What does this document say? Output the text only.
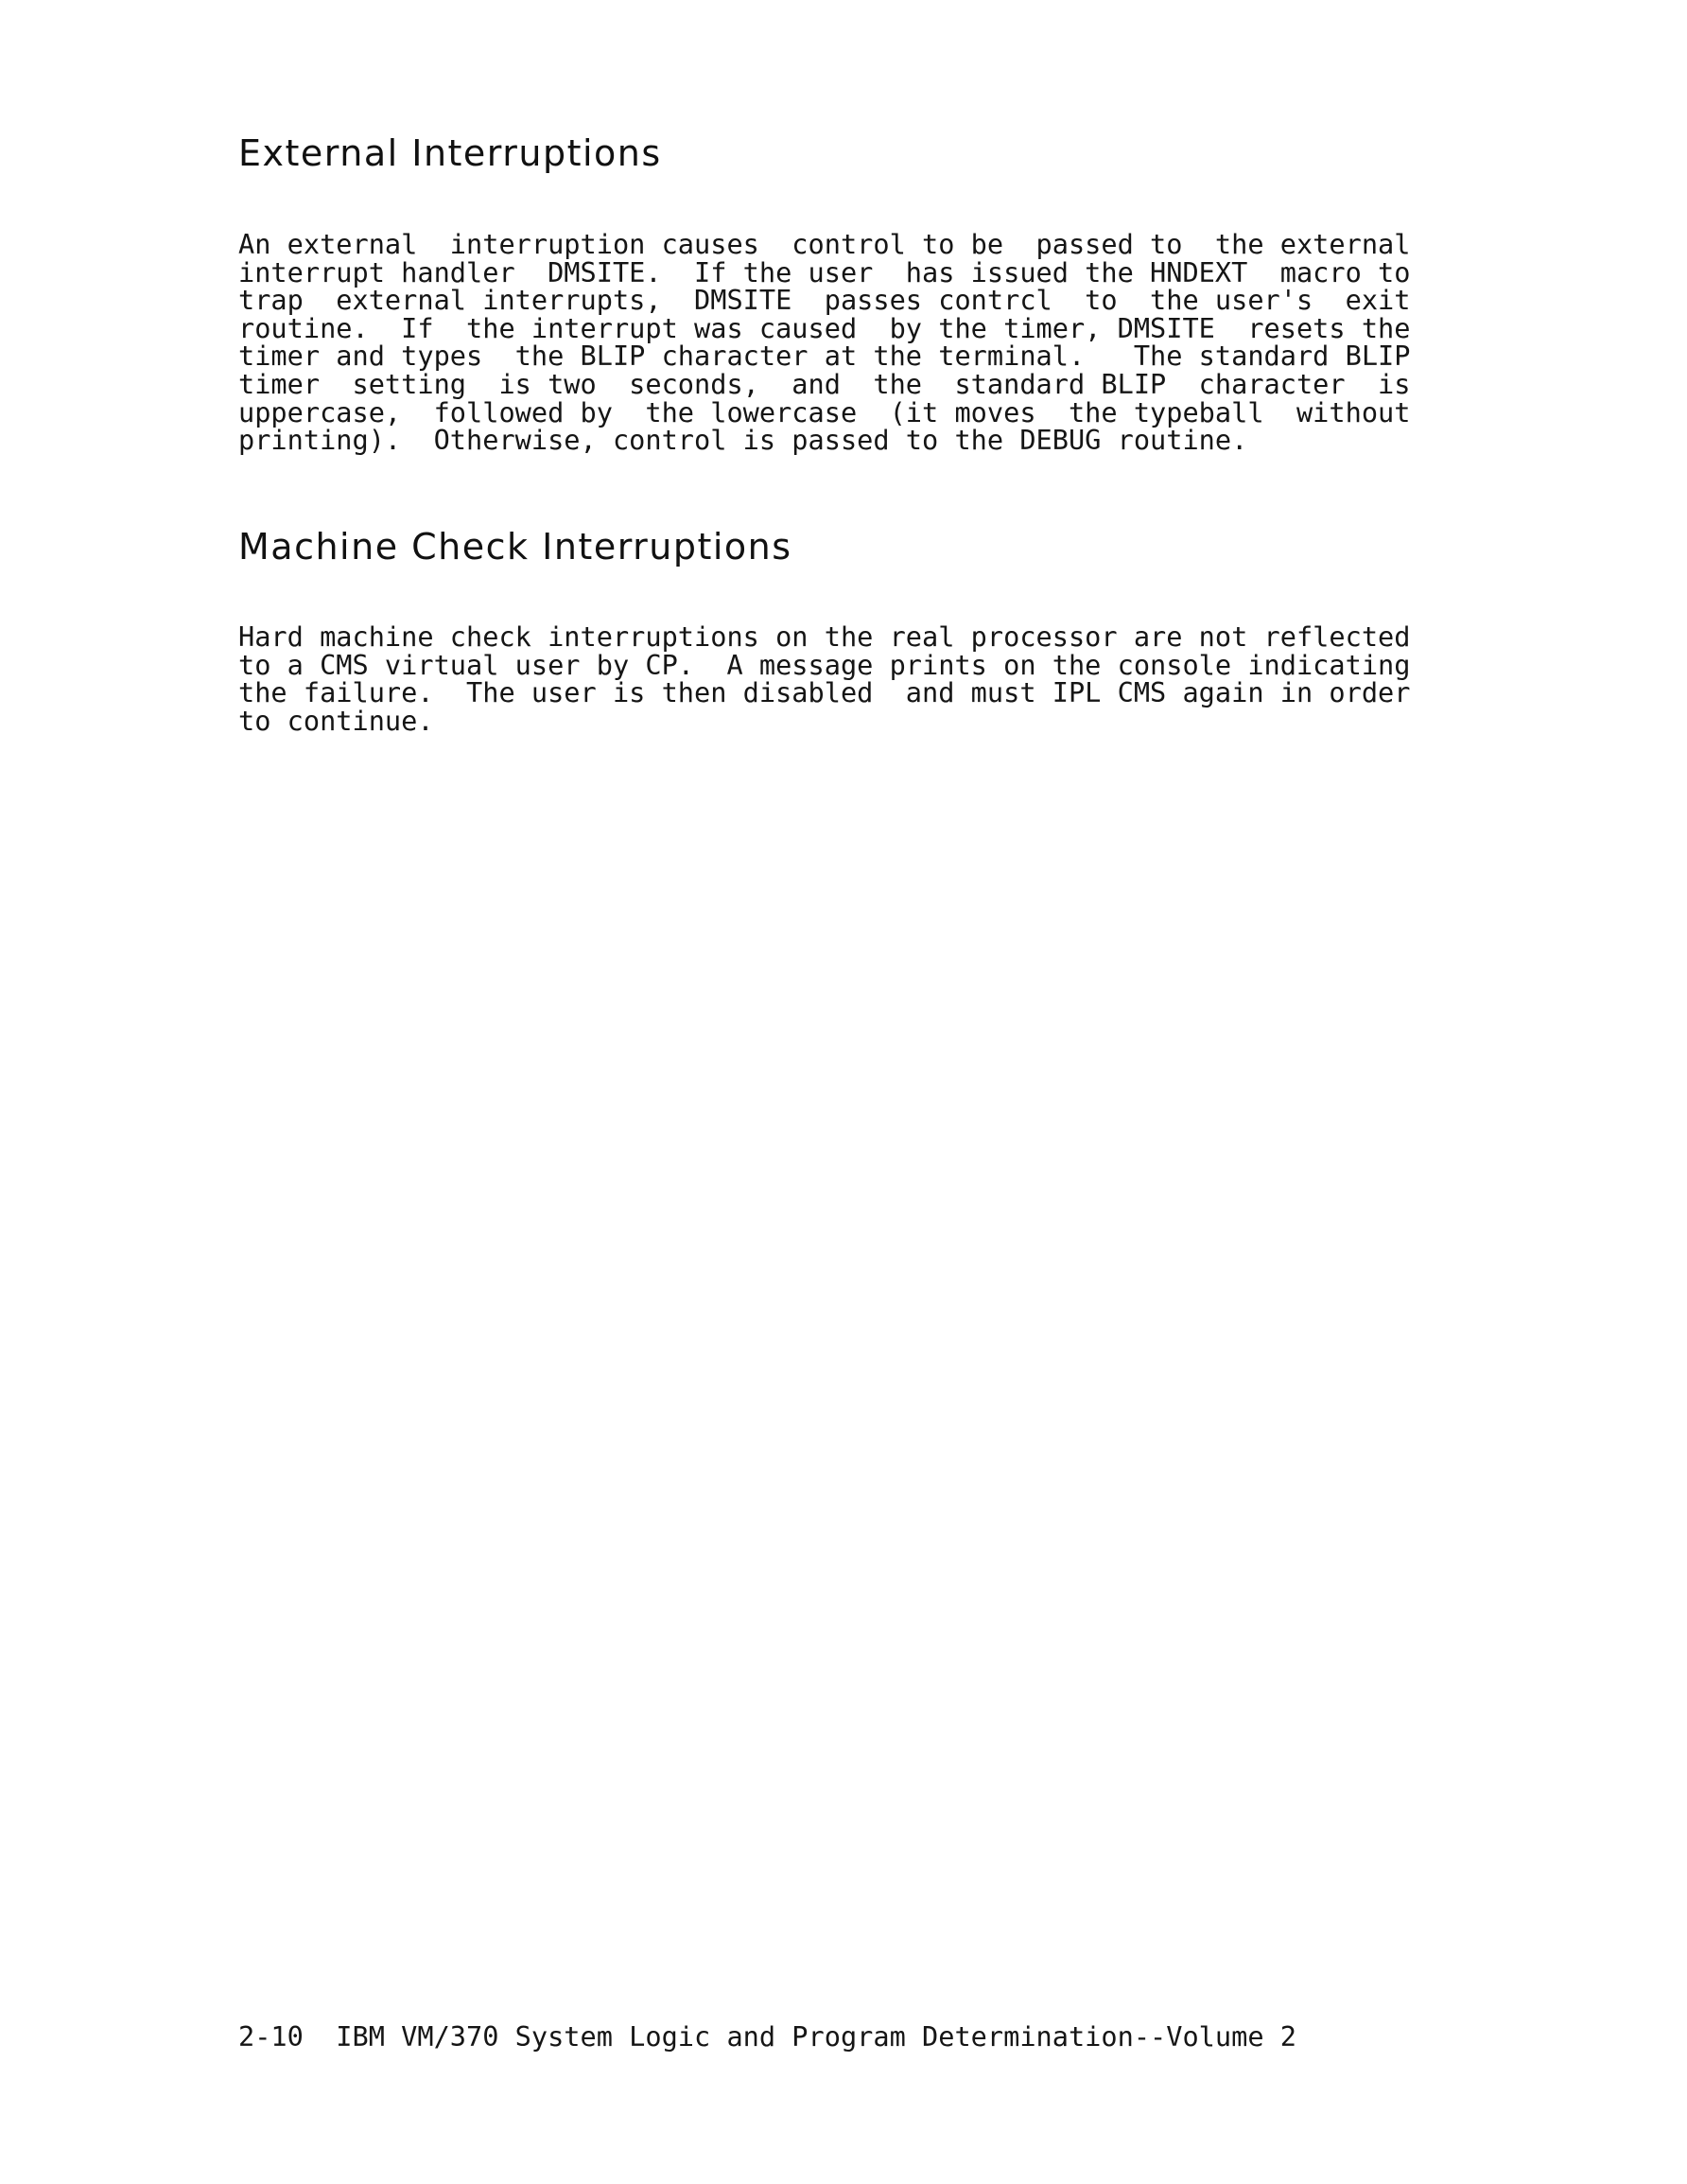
External Interruptions
An external  interruption causes  control to be  passed to  the external
interrupt handler  DMSITE.  If the user  has issued the HNDEXT  macro to
trap  external interrupts,  DMSITE  passes contrcl  to  the user's  exit
routine.  If  the interrupt was caused  by the timer, DMSITE  resets the
timer and types  the BLIP character at the terminal.   The standard BLIP
timer  setting  is two  seconds,  and  the  standard BLIP  character  is
uppercase,  followed by  the lowercase  (it moves  the typeball  without
printing).  Otherwise, control is passed to the DEBUG routine.
Machine Check Interruptions
Hard machine check interruptions on the real processor are not reflected
to a CMS virtual user by CP.  A message prints on the console indicating
the failure.  The user is then disabled  and must IPL CMS again in order
to continue.
2-10  IBM VM/370 System Logic and Program Determination--Volume 2
